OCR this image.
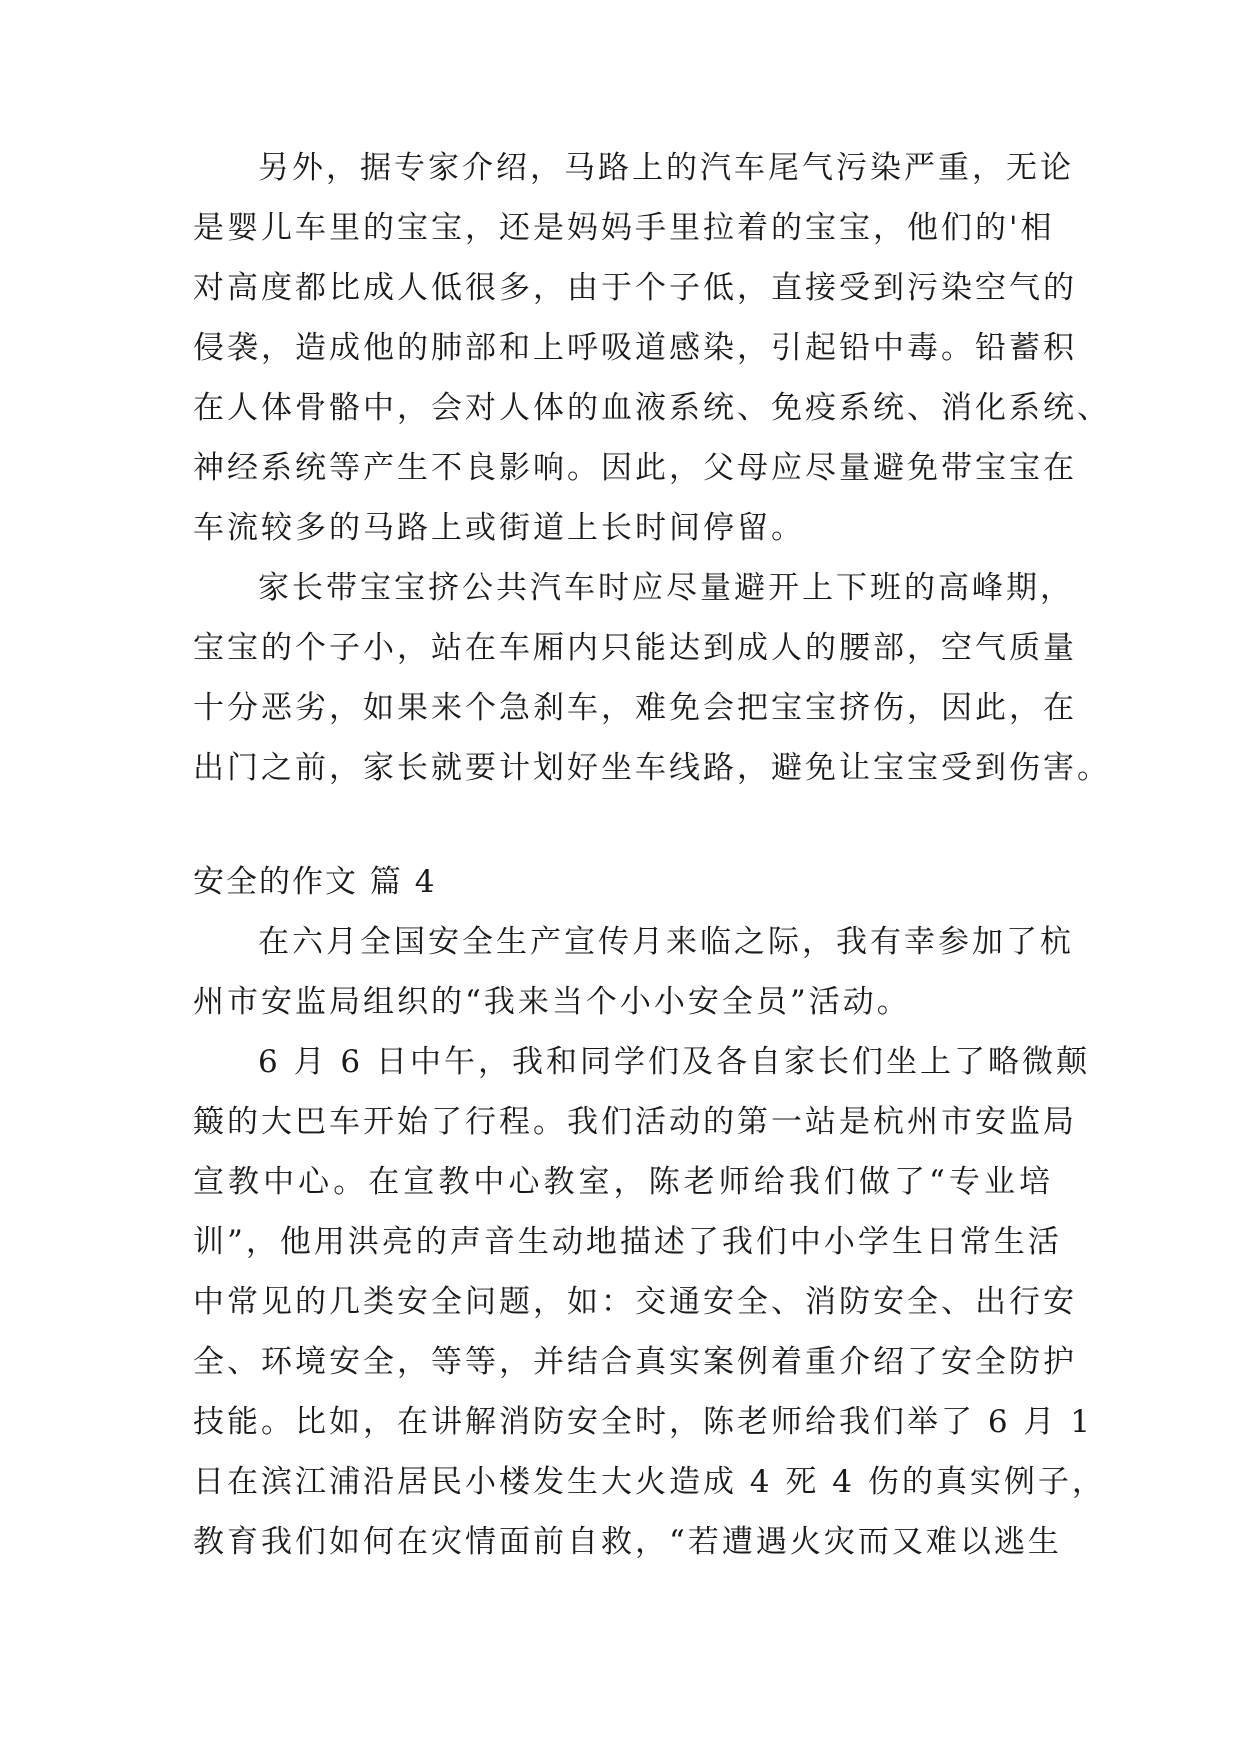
另外，据专家介绍，马路上的汽车尾气污染严重，无论
是婴儿车里的宝宝，还是妈妈手里拉着的宝宝，他们的'相
对高度都比成人低很多，由于个子低，直接受到污染空气的
侵袭，造成他的肺部和上呼吸道感染，引起铅中毒。铅蓄积
在人体骨骼中，会对人体的血液系统、免疫系统、消化系统、
神经系统等产生不良影响。因此，父母应尽量避免带宝宝在
车流较多的马路上或街道上长时间停留。
家长带宝宝挤公共汽车时应尽量避开上下班的高峰期，
宝宝的个子小，站在车厢内只能达到成人的腰部，空气质量
十分恶劣，如果来个急刹车，难免会把宝宝挤伤，因此，在
出门之前，家长就要计划好坐车线路，避免让宝宝受到伤害。
安全的作文 篇 4
在六月全国安全生产宣传月来临之际，我有幸参加了杭
州市安监局组织的“我来当个小小安全员”活动。
6 月 6 日中午，我和同学们及各自家长们坐上了略微颠
簸的大巴车开始了行程。我们活动的第一站是杭州市安监局
宣教中心。在宣教中心教室，陈老师给我们做了“专业培
训”，他用洪亮的声音生动地描述了我们中小学生日常生活
中常见的几类安全问题，如：交通安全、消防安全、出行安
全、环境安全，等等，并结合真实案例着重介绍了安全防护
技能。比如，在讲解消防安全时，陈老师给我们举了 6 月 1
日在滨江浦沿居民小楼发生大火造成 4 死 4 伤的真实例子，
教育我们如何在灾情面前自救，“若遭遇火灾而又难以逃生
